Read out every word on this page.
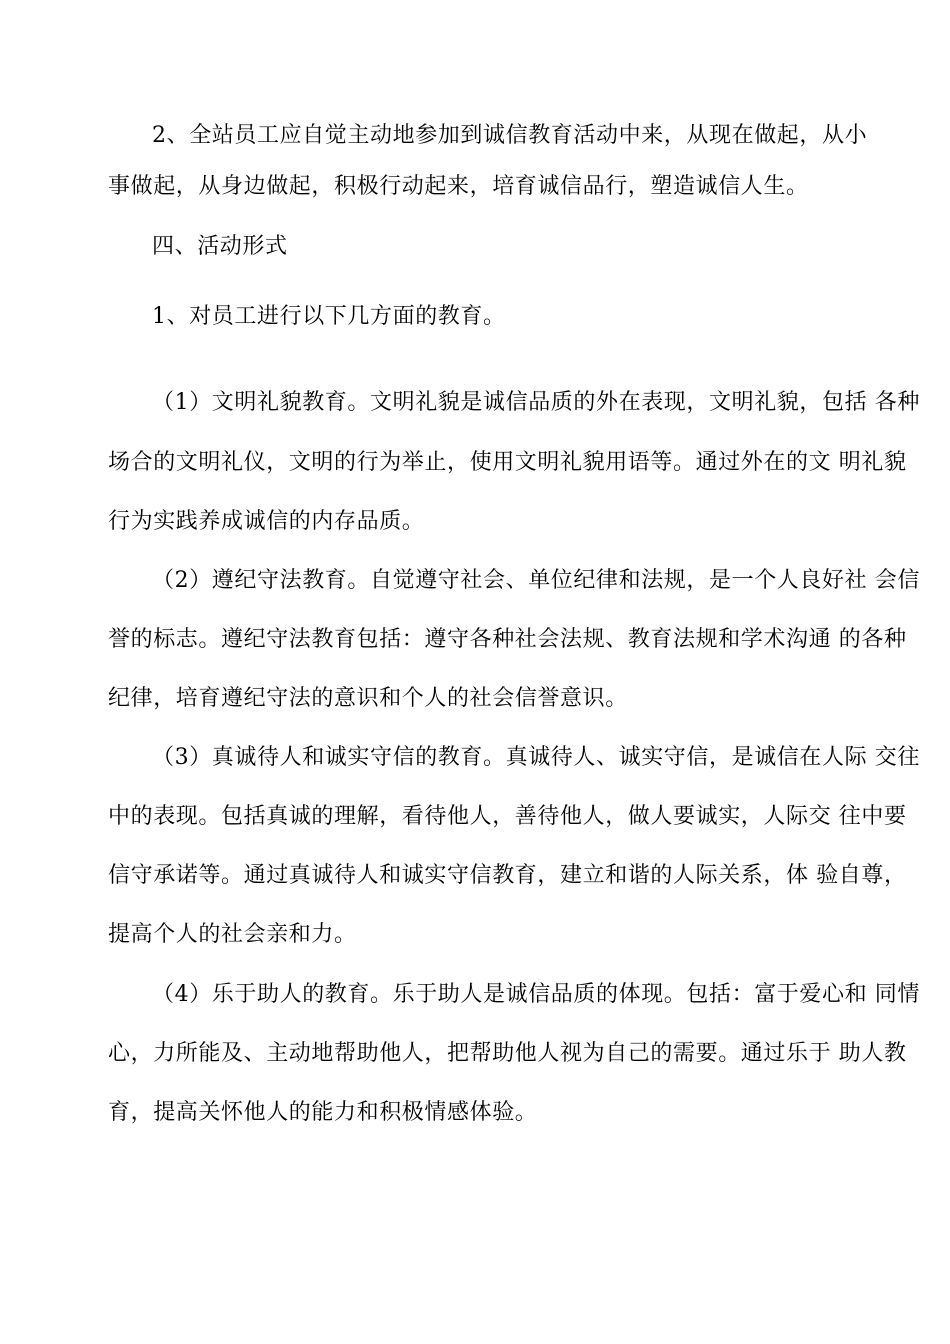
2、全站员工应自觉主动地参加到诚信教育活动中来，从现在做起，从小
事做起，从身边做起，积极行动起来，培育诚信品行，塑造诚信人生。
四、活动形式
1、对员工进行以下几方面的教育。
（1）文明礼貌教育。文明礼貌是诚信品质的外在表现，文明礼貌，包括 各种
场合的文明礼仪，文明的行为举止，使用文明礼貌用语等。通过外在的文 明礼貌
行为实践养成诚信的内存品质。
（2）遵纪守法教育。自觉遵守社会、单位纪律和法规，是一个人良好社 会信
誉的标志。遵纪守法教育包括：遵守各种社会法规、教育法规和学术沟通 的各种
纪律，培育遵纪守法的意识和个人的社会信誉意识。
（3）真诚待人和诚实守信的教育。真诚待人、诚实守信，是诚信在人际 交往
中的表现。包括真诚的理解，看待他人，善待他人，做人要诚实，人际交 往中要
信守承诺等。通过真诚待人和诚实守信教育，建立和谐的人际关系，体 验自尊，
提高个人的社会亲和力。
（4）乐于助人的教育。乐于助人是诚信品质的体现。包括：富于爱心和 同情
心，力所能及、主动地帮助他人，把帮助他人视为自己的需要。通过乐于 助人教
育，提高关怀他人的能力和积极情感体验。
